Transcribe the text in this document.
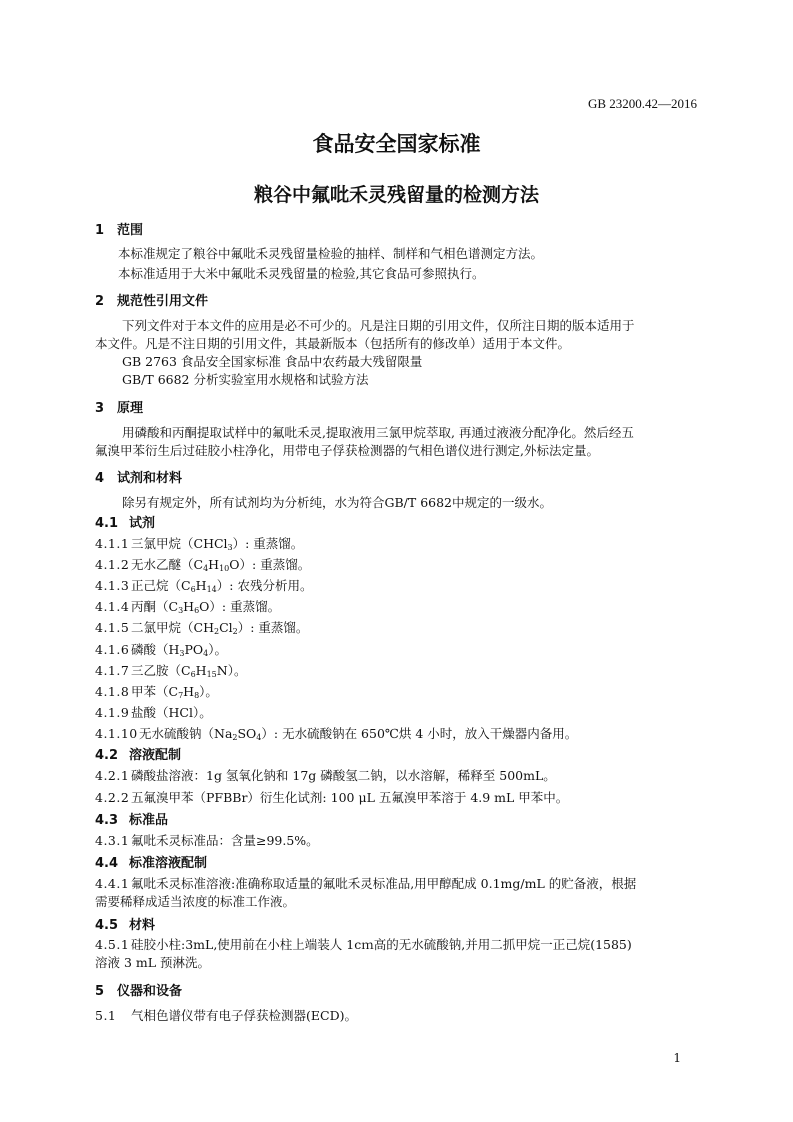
GB 23200.42—2016
食品安全国家标准
粮谷中氟吡禾灵残留量的检测方法
1 范围
本标准规定了粮谷中氟吡禾灵残留量检验的抽样、制样和气相色谱测定方法。
本标准适用于大米中氟吡禾灵残留量的检验,其它食品可参照执行。
2 规范性引用文件
下列文件对于本文件的应用是必不可少的。凡是注日期的引用文件，仅所注日期的版本适用于
本文件。凡是不注日期的引用文件，其最新版本（包括所有的修改单）适用于本文件。
GB 2763 食品安全国家标准 食品中农药最大残留限量
GB/T 6682 分析实验室用水规格和试验方法
3 原理
用磷酸和丙酮提取试样中的氟吡禾灵,提取液用三氯甲烷萃取, 再通过液液分配净化。然后经五
氟溴甲苯衍生后过硅胶小柱净化，用带电子俘获检测器的气相色谱仪进行测定,外标法定量。
4 试剂和材料
除另有规定外，所有试剂均为分析纯，水为符合GB/T 6682中规定的一级水。
4.1 试剂
4.1.1 三氯甲烷（CHCl$_3$）: 重蒸馏。
4.1.2 无水乙醚$(C_4H_{10}O)$: 重蒸馏。
4.1.3 正己烷$(C_6H_{14})$: 农残分析用。
4.1.4 丙酮$(C_3H_6O)$: 重蒸馏。
4.1.5 二氯甲烷$(CH_2Cl_2)$: 重蒸馏。
4.1.6 磷酸$(H_3PO_4)$。
4.1.7 三乙胺$(C_6H_{15}N)$。
4.1.8 甲苯$(C_7H_8)$。
4.1.9 盐酸（HCl）。
4.1.10无水硫酸钠$(Na_2SO_4)$: 无水硫酸钠在 650℃烘 4 小时，放入干燥器内备用。
4.2 溶液配制
4.2.1 磷酸盐溶液：1g 氢氧化钠和 17g 磷酸氢二钠，以水溶解，稀释至 500mL。
4.2.2 五氟溴甲苯（PFBBr）衍生化试剂: 100 μL 五氟溴甲苯溶于 4.9 mL 甲苯中。
4.3 标准品
4.3.1 氟吡禾灵标准品：含量≥99.5%。
4.4 标准溶液配制
4.4.1 氟吡禾灵标准溶液:准确称取适量的氟吡禾灵标准品,用甲醇配成 0.1mg/mL 的贮备液，根据
需要稀释成适当浓度的标准工作液。
4.5 材料
4.5.1 硅胶小柱:3mL,使用前在小柱上端装人 1cｍ高的无水硫酸钠,并用二抓甲烷一正己烷(1585)
溶液 3 mL 预淋洗。
5 仪器和设备
5.1 气相色谱仪带有电子俘获检测器(ECD)。
1
